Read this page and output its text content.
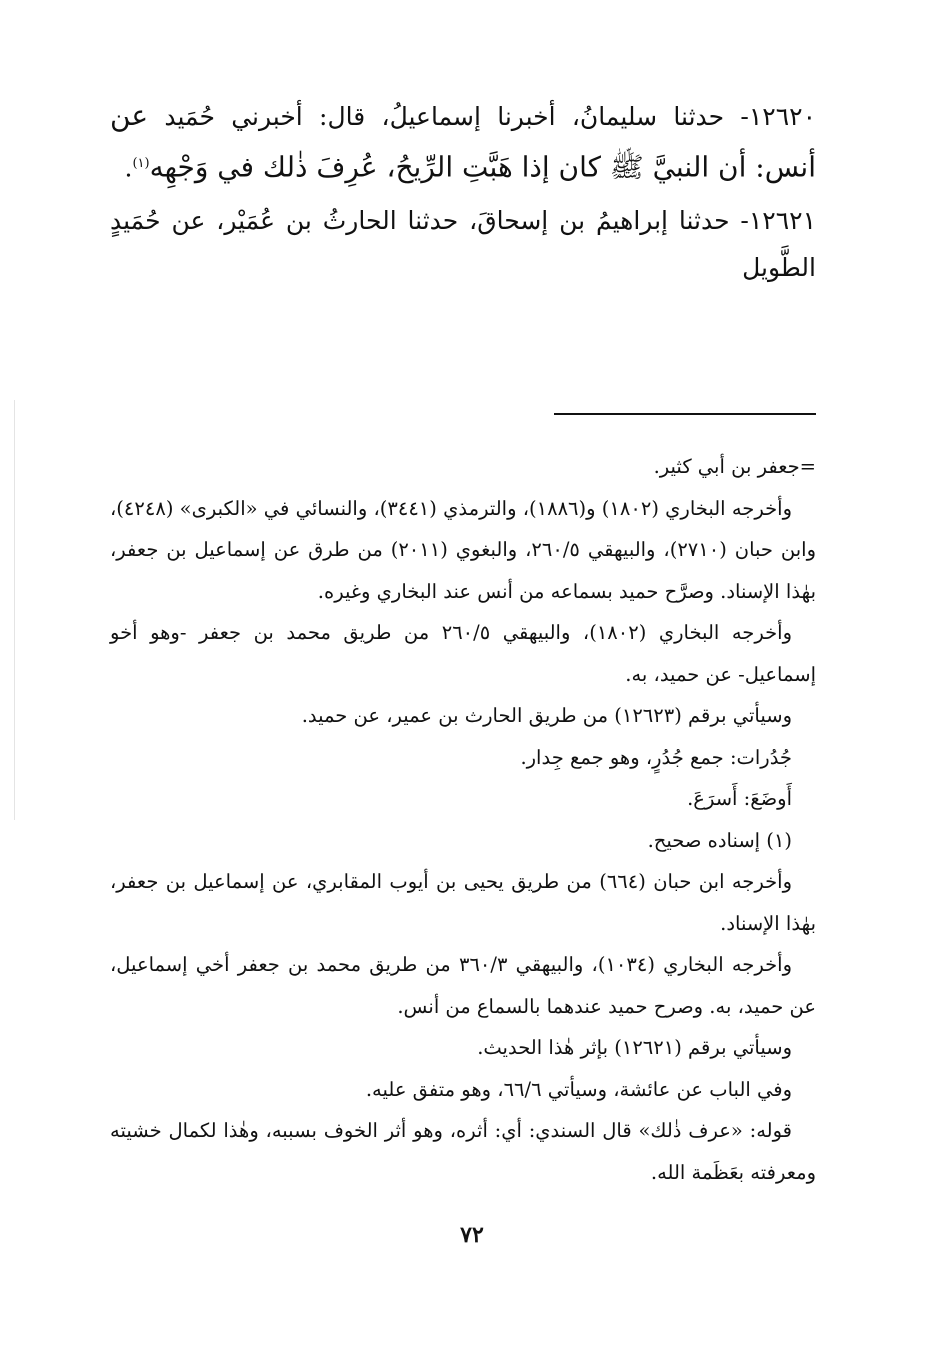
١٢٦٢٠- حدثنا سليمانُ، أخبرنا إسماعيلُ، قال: أخبرني حُمَيد عن أنس: أن النبيَّ ﷺ كان إذا هَبَّتِ الرِّيحُ، عُرِفَ ذٰلك في وَجْهِه$^{(١)}$.

١٢٦٢١- حدثنا إبراهيمُ بن إسحاقَ، حدثنا الحارثُ بن عُمَيْر، عن حُمَيدٍ الطَّويل

=جعفر بن أبي كثير.

وأخرجه البخاري (١٨٠٢) و(١٨٨٦)، والترمذي (٣٤٤١)، والنسائي في «الكبرى» (٤٢٤٨)، وابن حبان (٢٧١٠)، والبيهقي ٢٦٠/٥، والبغوي (٢٠١١) من طرق عن إسماعيل بن جعفر، بهٰذا الإسناد. وصرَّح حميد بسماعه من أنس عند البخاري وغيره.

وأخرجه البخاري (١٨٠٢)، والبيهقي ٢٦٠/٥ من طريق محمد بن جعفر -وهو أخو إسماعيل- عن حميد، به.

وسيأتي برقم (١٢٦٢٣) من طريق الحارث بن عمير، عن حميد.

جُدُرات: جمع جُدُرٍ، وهو جمع جِدار.

أَوضَعَ: أَسرَعَ.

(١) إسناده صحيح.

وأخرجه ابن حبان (٦٦٤) من طريق يحيى بن أيوب المقابري، عن إسماعيل بن جعفر، بهٰذا الإسناد.

وأخرجه البخاري (١٠٣٤)، والبيهقي ٣٦٠/٣ من طريق محمد بن جعفر أخي إسماعيل، عن حميد، به. وصرح حميد عندهما بالسماع من أنس.

وسيأتي برقم (١٢٦٢١) بإثر هٰذا الحديث.

وفي الباب عن عائشة، وسيأتي ٦٦/٦، وهو متفق عليه.

قوله: «عرف ذٰلك» قال السندي: أي: أثره، وهو أثر الخوف بسببه، وهٰذا لكمال خشيته ومعرفته بعَظَمة الله.

٧٢
